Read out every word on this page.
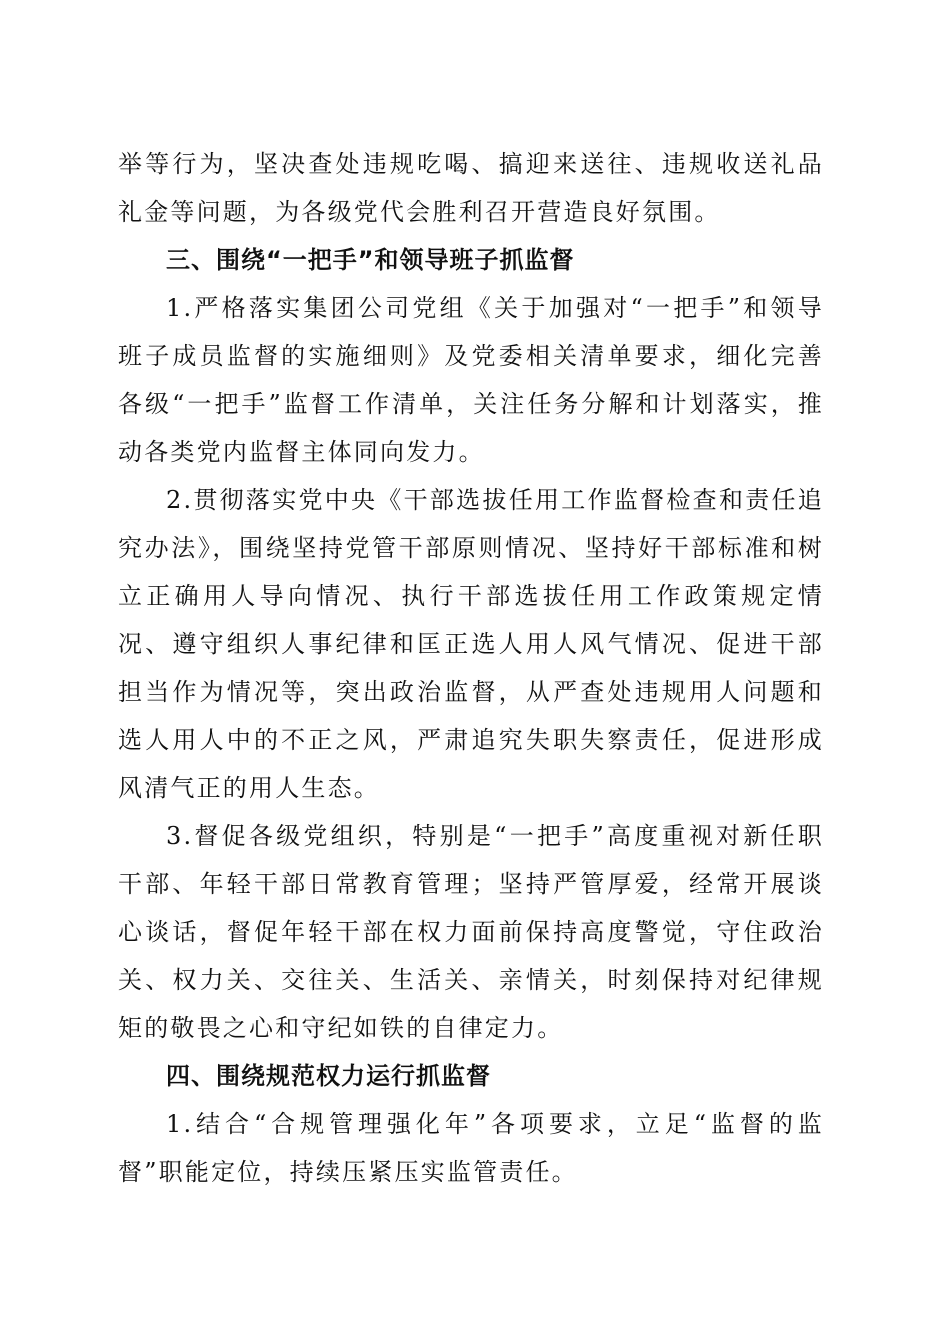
举等行为，坚决查处违规吃喝、搞迎来送往、违规收送礼品礼金等问题，为各级党代会胜利召开营造良好氛围。

三、围绕“一把手”和领导班子抓监督

1.严格落实集团公司党组《关于加强对“一把手”和领导班子成员监督的实施细则》及党委相关清单要求，细化完善各级“一把手”监督工作清单，关注任务分解和计划落实，推动各类党内监督主体同向发力。

2.贯彻落实党中央《干部选拔任用工作监督检查和责任追究办法》，围绕坚持党管干部原则情况、坚持好干部标准和树立正确用人导向情况、执行干部选拔任用工作政策规定情况、遵守组织人事纪律和匡正选人用人风气情况、促进干部担当作为情况等，突出政治监督，从严查处违规用人问题和选人用人中的不正之风，严肃追究失职失察责任，促进形成风清气正的用人生态。

3.督促各级党组织，特别是“一把手”高度重视对新任职干部、年轻干部日常教育管理；坚持严管厚爱，经常开展谈心谈话，督促年轻干部在权力面前保持高度警觉，守住政治关、权力关、交往关、生活关、亲情关，时刻保持对纪律规矩的敬畏之心和守纪如铁的自律定力。

四、围绕规范权力运行抓监督

1.结合“合规管理强化年”各项要求，立足“监督的监督”职能定位，持续压紧压实监管责任。
